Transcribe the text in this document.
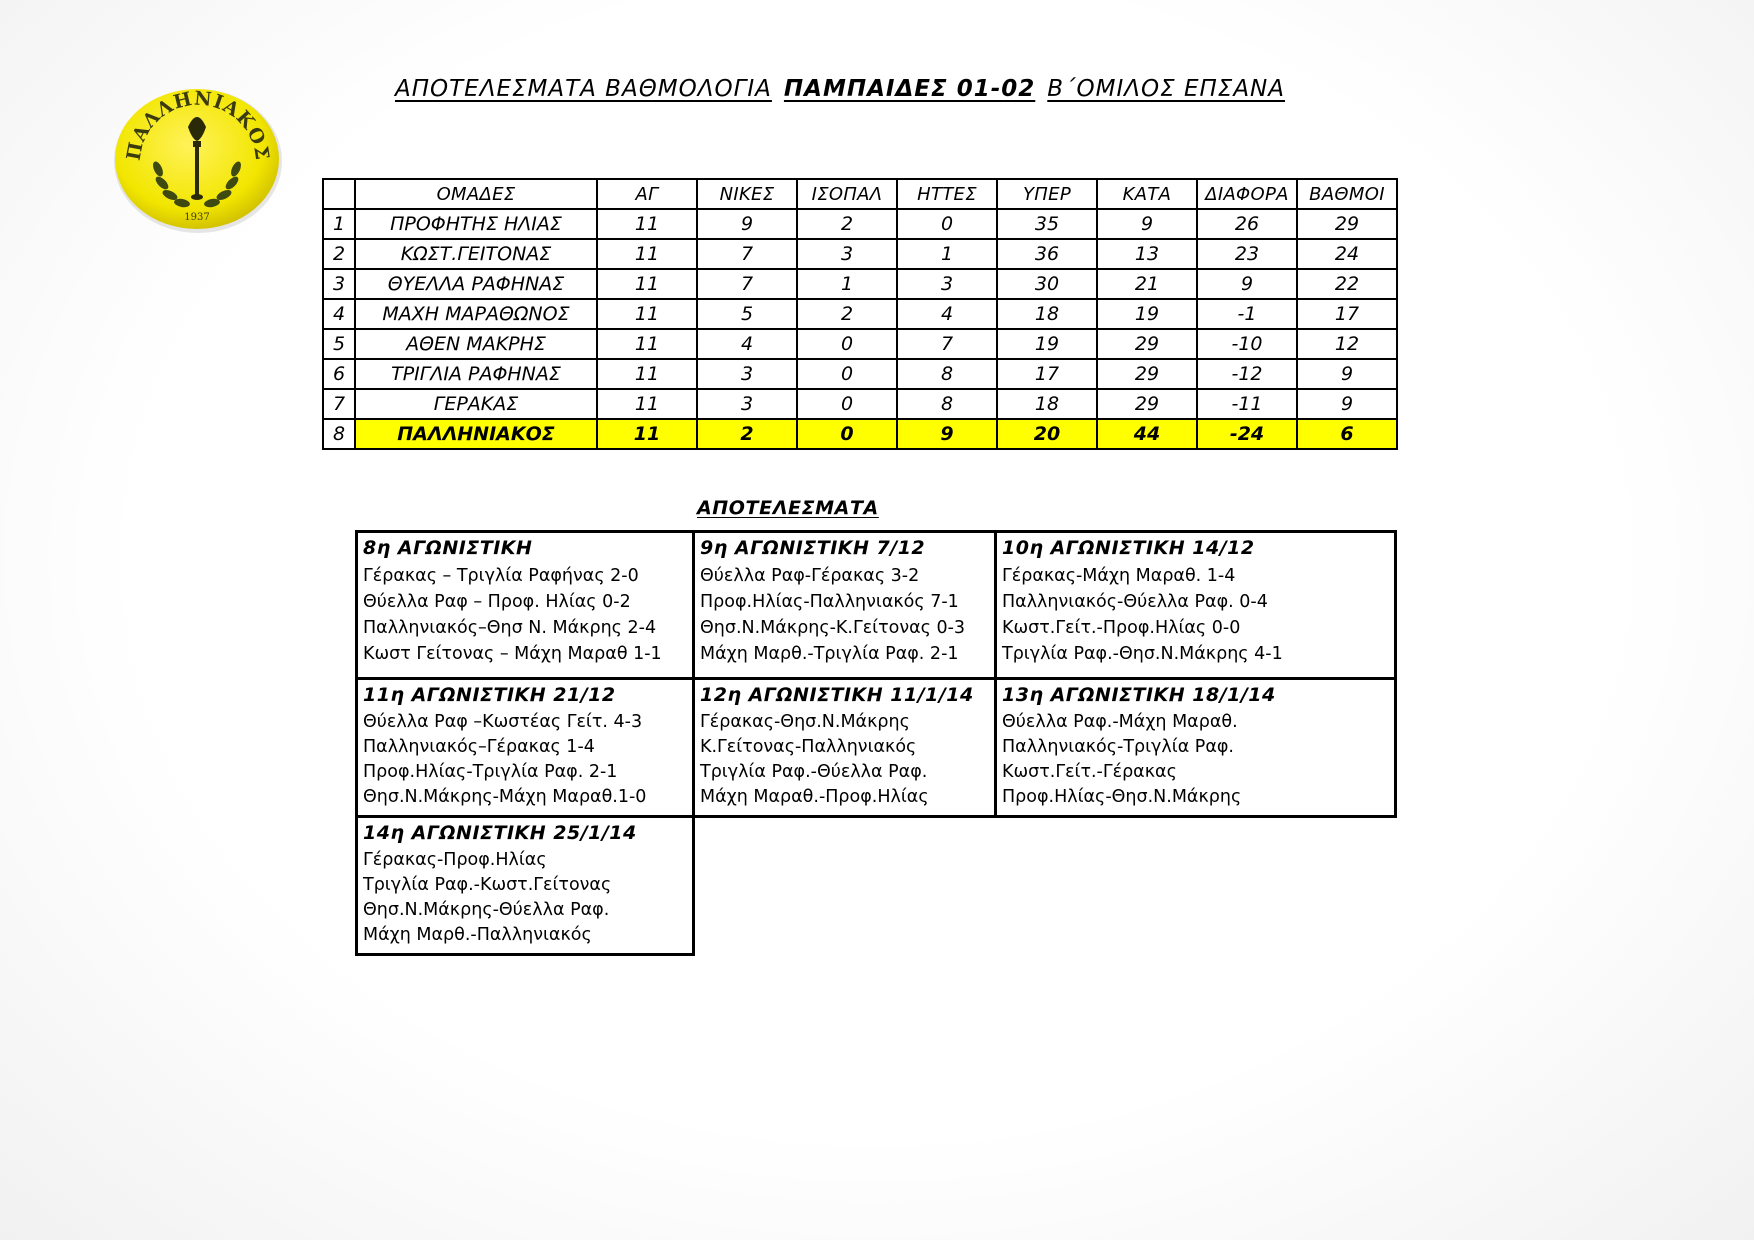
ΑΠΟΤΕΛΕΣΜΑΤΑ ΒΑΘΜΟΛΟΓΙΑ ΠΑΜΠΑΙΔΕΣ 01-02 Β΄ΟΜΙΛΟΣ ΕΠΣΑΝΑ
ΠΑΛΛΗΝΙΑΚΟΣ
1937
	ΟΜΑΔΕΣ	ΑΓ	ΝΙΚΕΣ	ΙΣΟΠΑΛ	ΗΤΤΕΣ	ΥΠΕΡ	ΚΑΤΑ	ΔΙΑΦΟΡΑ	ΒΑΘΜΟΙ
1	ΠΡΟΦΗΤΗΣ ΗΛΙΑΣ	11	9	2	0	35	9	26	29
2	ΚΩΣΤ.ΓΕΙΤΟΝΑΣ	11	7	3	1	36	13	23	24
3	ΘΥΕΛΛΑ ΡΑΦΗΝΑΣ	11	7	1	3	30	21	9	22
4	ΜΑΧΗ ΜΑΡΑΘΩΝΟΣ	11	5	2	4	18	19	-1	17
5	ΑΘΕΝ ΜΑΚΡΗΣ	11	4	0	7	19	29	-10	12
6	ΤΡΙΓΛΙΑ ΡΑΦΗΝΑΣ	11	3	0	8	17	29	-12	9
7	ΓΕΡΑΚΑΣ	11	3	0	8	18	29	-11	9
8	ΠΑΛΛΗΝΙΑΚΟΣ	11	2	0	9	20	44	-24	6
ΑΠΟΤΕΛΕΣΜΑΤΑ
8η ΑΓΩΝΙΣΤΙΚΗ
Γέρακας – Τριγλία Ραφήνας 2-0
Θύελλα Ραφ – Προφ. Ηλίας 0-2
Παλληνιακός–Θησ Ν. Μάκρης 2-4
Κωστ Γείτονας – Μάχη Μαραθ 1-1
9η ΑΓΩΝΙΣΤΙΚΗ 7/12
Θύελλα Ραφ-Γέρακας 3-2
Προφ.Ηλίας-Παλληνιακός 7-1
Θησ.Ν.Μάκρης-Κ.Γείτονας 0-3
Μάχη Μαρθ.-Τριγλία Ραφ. 2-1
10η ΑΓΩΝΙΣΤΙΚΗ 14/12
Γέρακας-Μάχη Μαραθ. 1-4
Παλληνιακός-Θύελλα Ραφ. 0-4
Κωστ.Γείτ.-Προφ.Ηλίας 0-0
Τριγλία Ραφ.-Θησ.Ν.Μάκρης 4-1
11η ΑΓΩΝΙΣΤΙΚΗ 21/12
Θύελλα Ραφ –Κωστέας Γείτ. 4-3
Παλληνιακός–Γέρακας 1-4
Προφ.Ηλίας-Τριγλία Ραφ. 2-1
Θησ.Ν.Μάκρης-Μάχη Μαραθ.1-0
12η ΑΓΩΝΙΣΤΙΚΗ 11/1/14
Γέρακας-Θησ.Ν.Μάκρης
Κ.Γείτονας-Παλληνιακός
Τριγλία Ραφ.-Θύελλα Ραφ.
Μάχη Μαραθ.-Προφ.Ηλίας
13η ΑΓΩΝΙΣΤΙΚΗ 18/1/14
Θύελλα Ραφ.-Μάχη Μαραθ.
Παλληνιακός-Τριγλία Ραφ.
Κωστ.Γείτ.-Γέρακας
Προφ.Ηλίας-Θησ.Ν.Μάκρης
14η ΑΓΩΝΙΣΤΙΚΗ 25/1/14
Γέρακας-Προφ.Ηλίας
Τριγλία Ραφ.-Κωστ.Γείτονας
Θησ.Ν.Μάκρης-Θύελλα Ραφ.
Μάχη Μαρθ.-Παλληνιακός
